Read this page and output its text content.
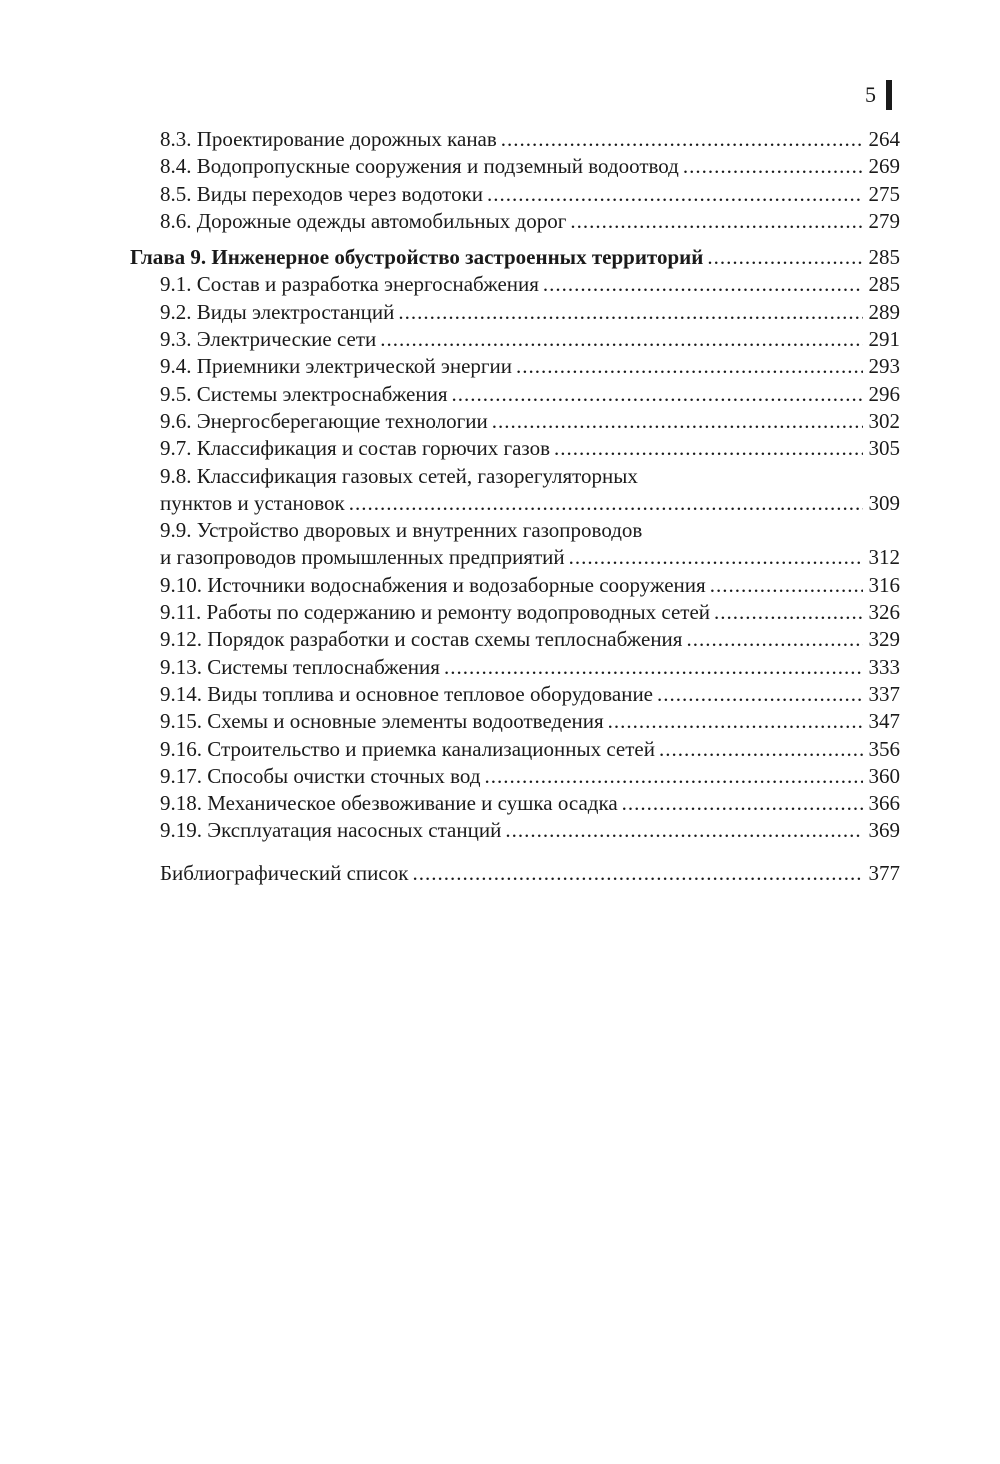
5
8.3. Проектирование дорожных канав .....	264
8.4. Водопропускные сооружения и подземный водоотвод .....	269
8.5. Виды переходов через водотоки .....	275
8.6. Дорожные одежды автомобильных дорог .....	279
Глава 9. Инженерное обустройство застроенных территорий .....	285
9.1. Состав и разработка энергоснабжения .....	285
9.2. Виды электростанций .....	289
9.3. Электрические сети .....	291
9.4. Приемники электрической энергии .....	293
9.5. Системы электроснабжения .....	296
9.6. Энергосберегающие технологии .....	302
9.7. Классификация и состав горючих газов .....	305
9.8. Классификация газовых сетей, газорегуляторных
пунктов и установок .....	309
9.9. Устройство дворовых и внутренних газопроводов
и газопроводов промышленных предприятий .....	312
9.10. Источники водоснабжения и водозаборные сооружения .....	316
9.11. Работы по содержанию и ремонту водопроводных сетей .....	326
9.12. Порядок разработки и состав схемы теплоснабжения .....	329
9.13. Системы теплоснабжения .....	333
9.14. Виды топлива и основное тепловое оборудование .....	337
9.15. Схемы и основные элементы водоотведения .....	347
9.16. Строительство и приемка канализационных сетей .....	356
9.17. Способы очистки сточных вод .....	360
9.18. Механическое обезвоживание и сушка осадка .....	366
9.19. Эксплуатация насосных станций .....	369
Библиографический список .....	377
